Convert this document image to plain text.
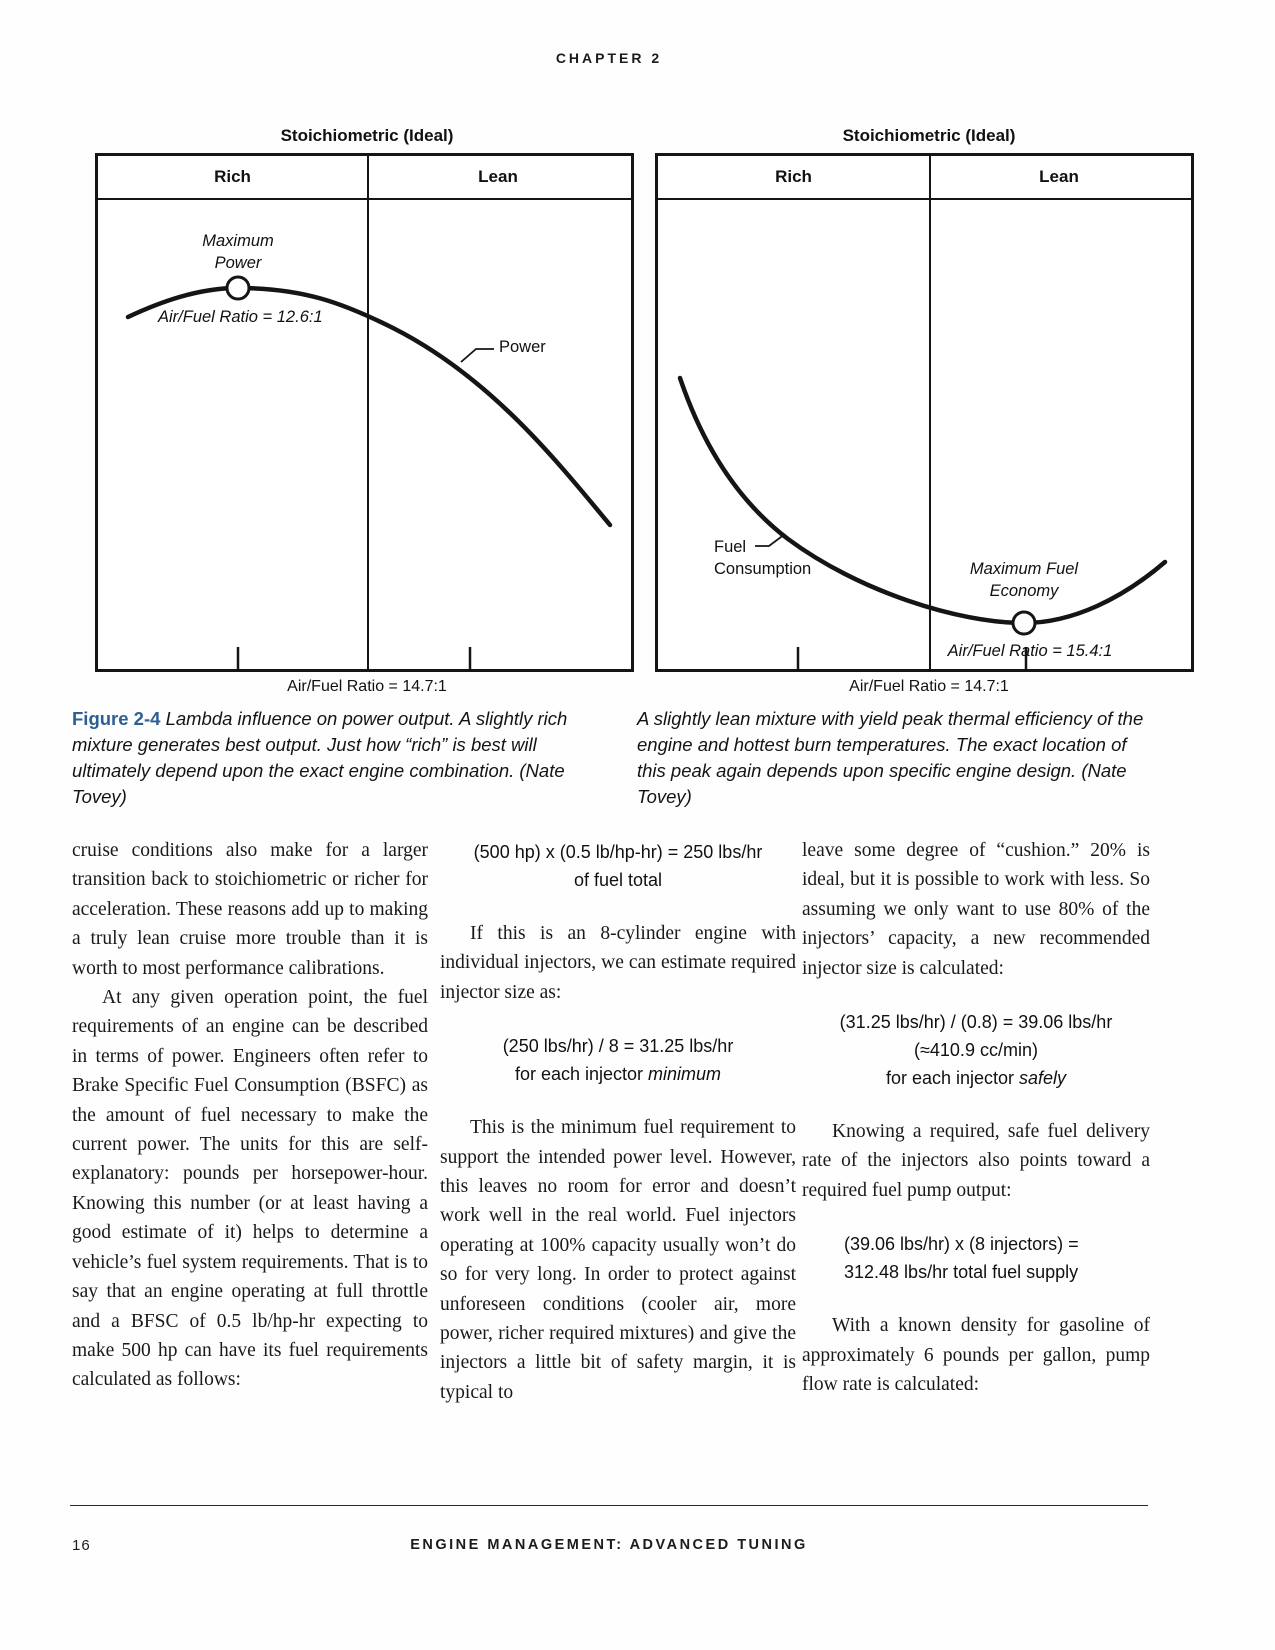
CHAPTER 2
Stoichiometric (Ideal)
Rich	Lean
Maximum
Power
Air/Fuel Ratio = 12.6:1
Power
Air/Fuel Ratio = 14.7:1
Stoichiometric (Ideal)
Rich	Lean
Fuel
Consumption	Maximum Fuel
Economy
Air/Fuel Ratio = 15.4:1
Air/Fuel Ratio = 14.7:1
Figure 2-4 Lambda influence on power output. A slightly rich mixture generates best output. Just how “rich” is best will ultimately depend upon the exact engine combination. (Nate Tovey)
A slightly lean mixture with yield peak thermal efficiency of the engine and hottest burn temperatures. The exact location of this peak again depends upon specific engine design. (Nate Tovey)

cruise conditions also make for a larger transition back to stoichiometric or richer for acceleration. These reasons add up to making a truly lean cruise more trouble than it is worth to most performance calibrations.

At any given operation point, the fuel requirements of an engine can be described in terms of power. Engineers often refer to Brake Specific Fuel Consumption (BSFC) as the amount of fuel necessary to make the current power. The units for this are self-explanatory: pounds per horsepower-hour. Knowing this number (or at least having a good estimate of it) helps to determine a vehicle’s fuel system requirements. That is to say that an engine operating at full throttle and a BFSC of 0.5 lb/hp-hr expecting to make 500 hp can have its fuel requirements calculated as follows:

(500 hp) x (0.5 lb/hp-hr) = 250 lbs/hr
of fuel total

If this is an 8-cylinder engine with individual injectors, we can estimate required injector size as:

(250 lbs/hr) / 8 = 31.25 lbs/hr
for each injector minimum

This is the minimum fuel requirement to support the intended power level. However, this leaves no room for error and doesn’t work well in the real world. Fuel injectors operating at 100% capacity usually won’t do so for very long. In order to protect against unforeseen conditions (cooler air, more power, richer required mixtures) and give the injectors a little bit of safety margin, it is typical to

leave some degree of “cushion.” 20% is ideal, but it is possible to work with less. So assuming we only want to use 80% of the injectors’ capacity, a new recommended injector size is calculated:

(31.25 lbs/hr) / (0.8) = 39.06 lbs/hr
(≈410.9 cc/min)
for each injector safely

Knowing a required, safe fuel delivery rate of the injectors also points toward a required fuel pump output:

(39.06 lbs/hr) x (8 injectors) =
312.48 lbs/hr total fuel supply

With a known density for gasoline of approximately 6 pounds per gallon, pump flow rate is calculated:

16	ENGINE MANAGEMENT: ADVANCED TUNING
